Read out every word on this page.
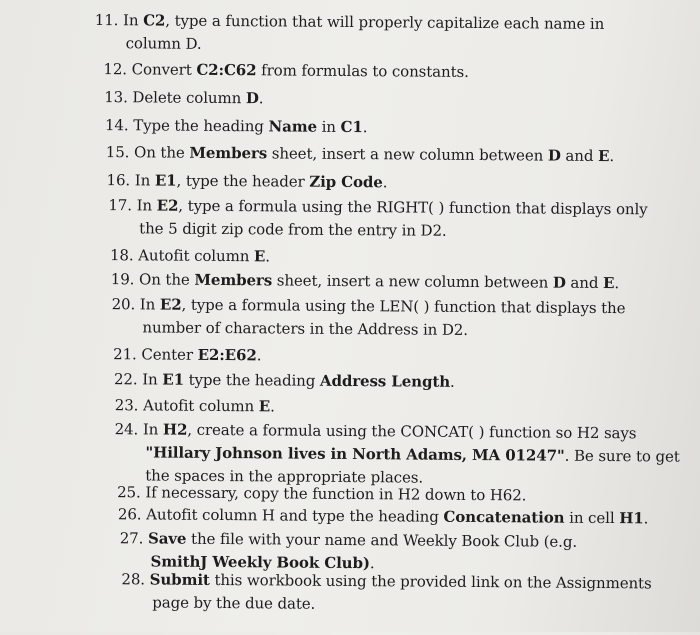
11. In C2, type a function that will properly capitalize each name in
column D.
12. Convert C2:C62 from formulas to constants.
13. Delete column D.
14. Type the heading Name in C1.
15. On the Members sheet, insert a new column between D and E.
16. In E1, type the header Zip Code.
17. In E2, type a formula using the RIGHT( ) function that displays only
the 5 digit zip code from the entry in D2.
18. Autofit column E.
19. On the Members sheet, insert a new column between D and E.
20. In E2, type a formula using the LEN( ) function that displays the
number of characters in the Address in D2.
21. Center E2:E62.
22. In E1 type the heading Address Length.
23. Autofit column E.
24. In H2, create a formula using the CONCAT( ) function so H2 says
"Hillary Johnson lives in North Adams, MA 01247". Be sure to get
the spaces in the appropriate places.
25. If necessary, copy the function in H2 down to H62.
26. Autofit column H and type the heading Concatenation in cell H1.
27. Save the file with your name and Weekly Book Club (e.g.
SmithJ Weekly Book Club).
28. Submit this workbook using the provided link on the Assignments
page by the due date.
